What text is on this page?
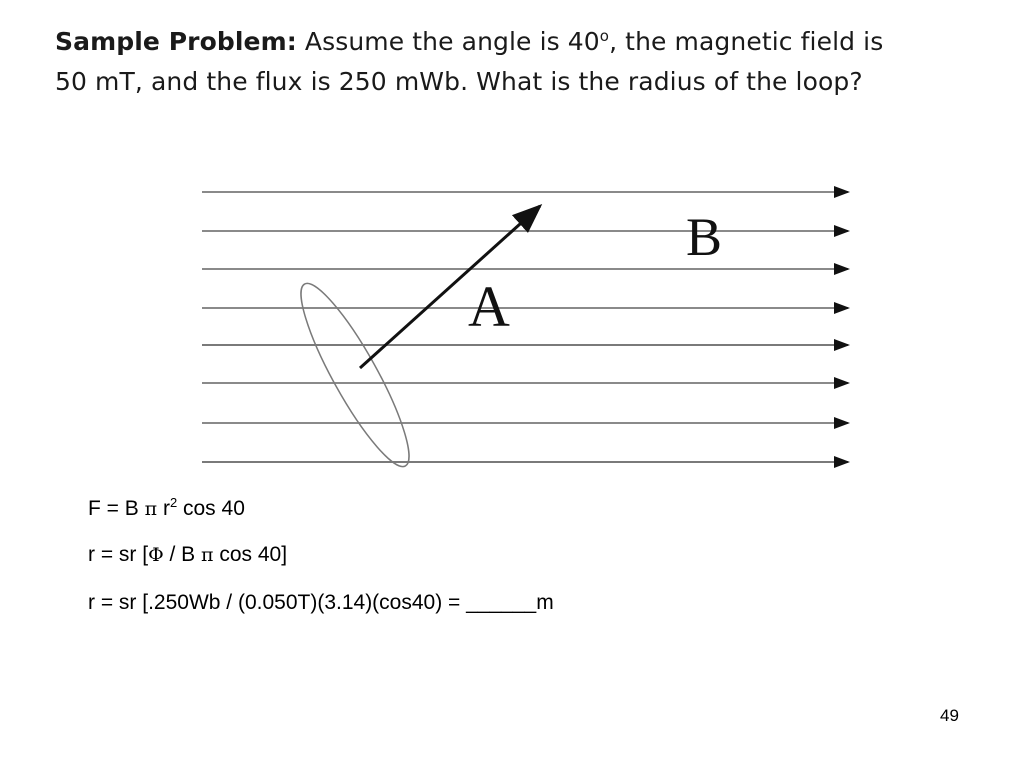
Sample Problem: Assume the angle is 40$^o$, the magnetic field is 50 mT, and the flux is 250 mWb. What is the radius of the loop?
B
A
F = B π $r^2$ cos 40
r = sr [Φ / B π cos 40]
r = sr [.250Wb / (0.050T)(3.14)(cos40) = ______m
49
